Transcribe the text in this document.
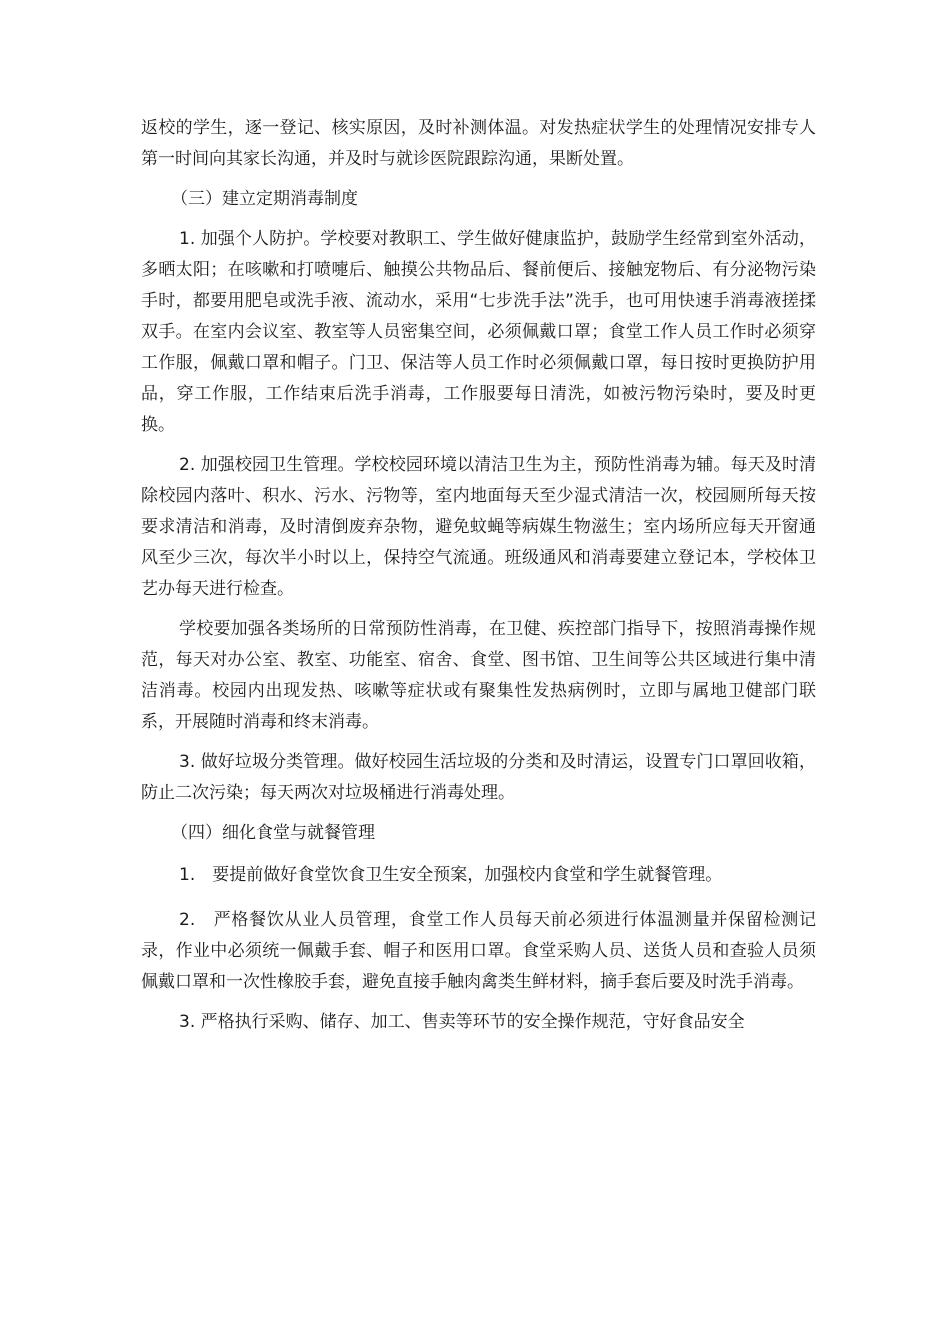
返校的学生，逐一登记、核实原因，及时补测体温。对发热症状学生的处理情况安排专人第一时间向其家长沟通，并及时与就诊医院跟踪沟通，果断处置。

（三）建立定期消毒制度

1. 加强个人防护。学校要对教职工、学生做好健康监护，鼓励学生经常到室外活动，多晒太阳；在咳嗽和打喷嚏后、触摸公共物品后、餐前便后、接触宠物后、有分泌物污染手时，都要用肥皂或洗手液、流动水，采用“七步洗手法”洗手，也可用快速手消毒液搓揉双手。在室内会议室、教室等人员密集空间，必须佩戴口罩；食堂工作人员工作时必须穿工作服，佩戴口罩和帽子。门卫、保洁等人员工作时必须佩戴口罩，每日按时更换防护用品，穿工作服，工作结束后洗手消毒，工作服要每日清洗，如被污物污染时，要及时更换。

2. 加强校园卫生管理。学校校园环境以清洁卫生为主，预防性消毒为辅。每天及时清除校园内落叶、积水、污水、污物等，室内地面每天至少湿式清洁一次，校园厕所每天按要求清洁和消毒，及时清倒废弃杂物，避免蚊蝇等病媒生物滋生；室内场所应每天开窗通风至少三次，每次半小时以上，保持空气流通。班级通风和消毒要建立登记本，学校体卫艺办每天进行检查。

学校要加强各类场所的日常预防性消毒，在卫健、疾控部门指导下，按照消毒操作规范，每天对办公室、教室、功能室、宿舍、食堂、图书馆、卫生间等公共区域进行集中清洁消毒。校园内出现发热、咳嗽等症状或有聚集性发热病例时，立即与属地卫健部门联系，开展随时消毒和终末消毒。

3. 做好垃圾分类管理。做好校园生活垃圾的分类和及时清运，设置专门口罩回收箱，防止二次污染；每天两次对垃圾桶进行消毒处理。

（四）细化食堂与就餐管理

1.　要提前做好食堂饮食卫生安全预案，加强校内食堂和学生就餐管理。

2.　严格餐饮从业人员管理，食堂工作人员每天前必须进行体温测量并保留检测记录，作业中必须统一佩戴手套、帽子和医用口罩。食堂采购人员、送货人员和查验人员须佩戴口罩和一次性橡胶手套，避免直接手触肉禽类生鲜材料，摘手套后要及时洗手消毒。

3. 严格执行采购、储存、加工、售卖等环节的安全操作规范，守好食品安全
